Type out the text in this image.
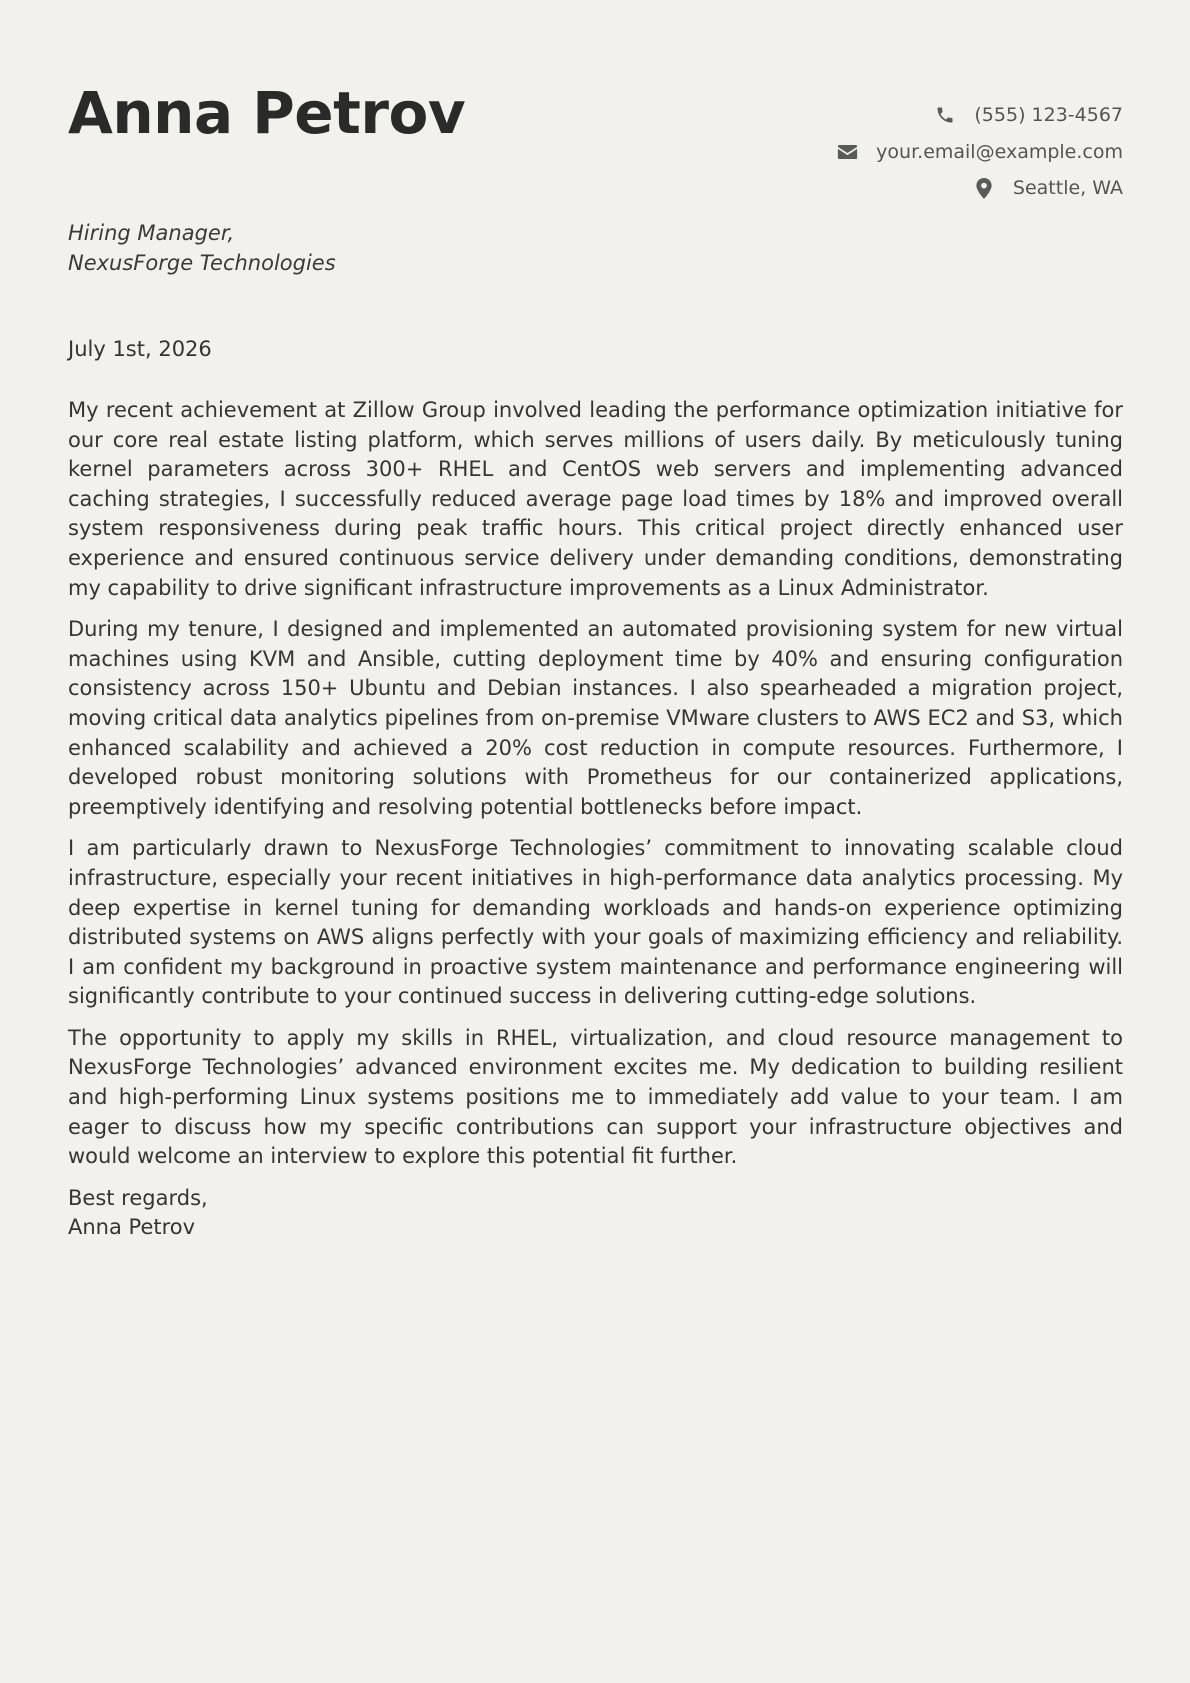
Anna Petrov	(555) 123-4567
your.email@example.com
Seattle, WA
Hiring Manager,
NexusForge Technologies
July 1st, 2026

My recent achievement at Zillow Group involved leading the performance optimization initiative for our core real estate listing platform, which serves millions of users daily. By meticulously tuning kernel parameters across 300+ RHEL and CentOS web servers and implementing advanced caching strategies, I successfully reduced average page load times by 18% and improved overall system responsiveness during peak traffic hours. This critical project directly enhanced user experience and ensured continuous service delivery under demanding conditions, demonstrating my capability to drive significant infrastructure improvements as a Linux Administrator.

During my tenure, I designed and implemented an automated provisioning system for new virtual machines using KVM and Ansible, cutting deployment time by 40% and ensuring configuration consistency across 150+ Ubuntu and Debian instances. I also spearheaded a migration project, moving critical data analytics pipelines from on-premise VMware clusters to AWS EC2 and S3, which enhanced scalability and achieved a 20% cost reduction in compute resources. Furthermore, I developed robust monitoring solutions with Prometheus for our containerized applications, preemptively identifying and resolving potential bottlenecks before impact.

I am particularly drawn to NexusForge Technologies’ commitment to innovating scalable cloud infrastructure, especially your recent initiatives in high-performance data analytics processing. My deep expertise in kernel tuning for demanding workloads and hands-on experience optimizing distributed systems on AWS aligns perfectly with your goals of maximizing efficiency and reliability. I am confident my background in proactive system maintenance and performance engineering will significantly contribute to your continued success in delivering cutting-edge solutions.

The opportunity to apply my skills in RHEL, virtualization, and cloud resource management to NexusForge Technologies’ advanced environment excites me. My dedication to building resilient and high-performing Linux systems positions me to immediately add value to your team. I am eager to discuss how my specific contributions can support your infrastructure objectives and would welcome an interview to explore this potential fit further.

Best regards,
Anna Petrov
